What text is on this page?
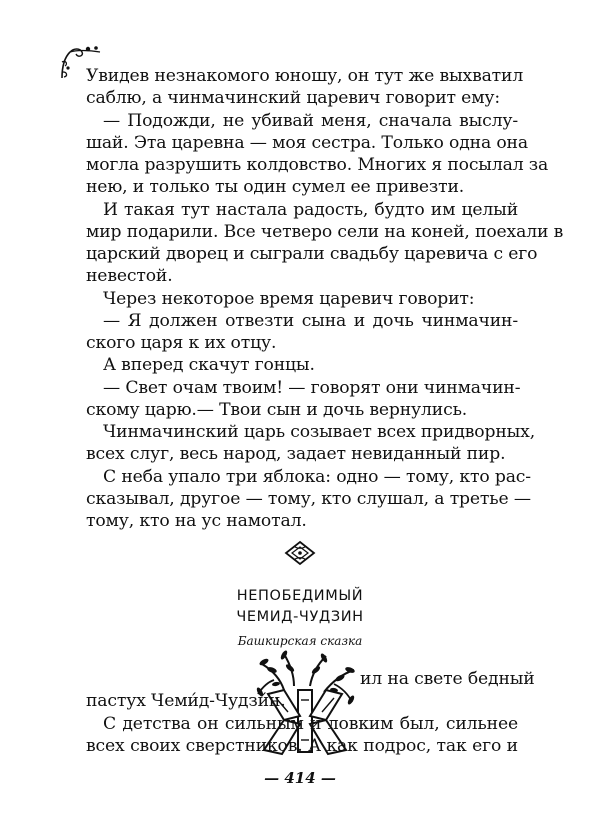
Увидев незнакомого юношу, он тут же выхватил

саблю, а чинмачинский царевич говорит ему:

— Подожди, не убивай меня, сначала выслу-

шай. Эта царевна — моя сестра. Только одна она

могла разрушить колдовство. Многих я посылал за

нею, и только ты один сумел ее привезти.

И такая тут настала радость, будто им целый

мир подарили. Все четверо сели на коней, поехали в

царский дворец и сыграли свадьбу царевича с его

невестой.

Через некоторое время царевич говорит:

— Я должен отвезти сына и дочь чинмачин-

ского царя к их отцу.

А вперед скачут гонцы.

— Свет очам твоим! — говорят они чинмачин-

скому царю.— Твои сын и дочь вернулись.

Чинмачинский царь созывает всех придворных,

всех слуг, весь народ, задает невиданный пир.

С неба упало три яблока: одно — тому, кто рас-

сказывал, другое — тому, кто слушал, а третье —

тому, кто на ус намотал.

НЕПОБЕДИМЫЙ

ЧЕМИД-ЧУДЗИН

Башкирская сказка

ил на свете бедный

пастух Чеми́д-Чудзи́н.

С детства он сильным и ловким был, сильнее

всех своих сверстников. А как подрос, так его и

— 414 —
